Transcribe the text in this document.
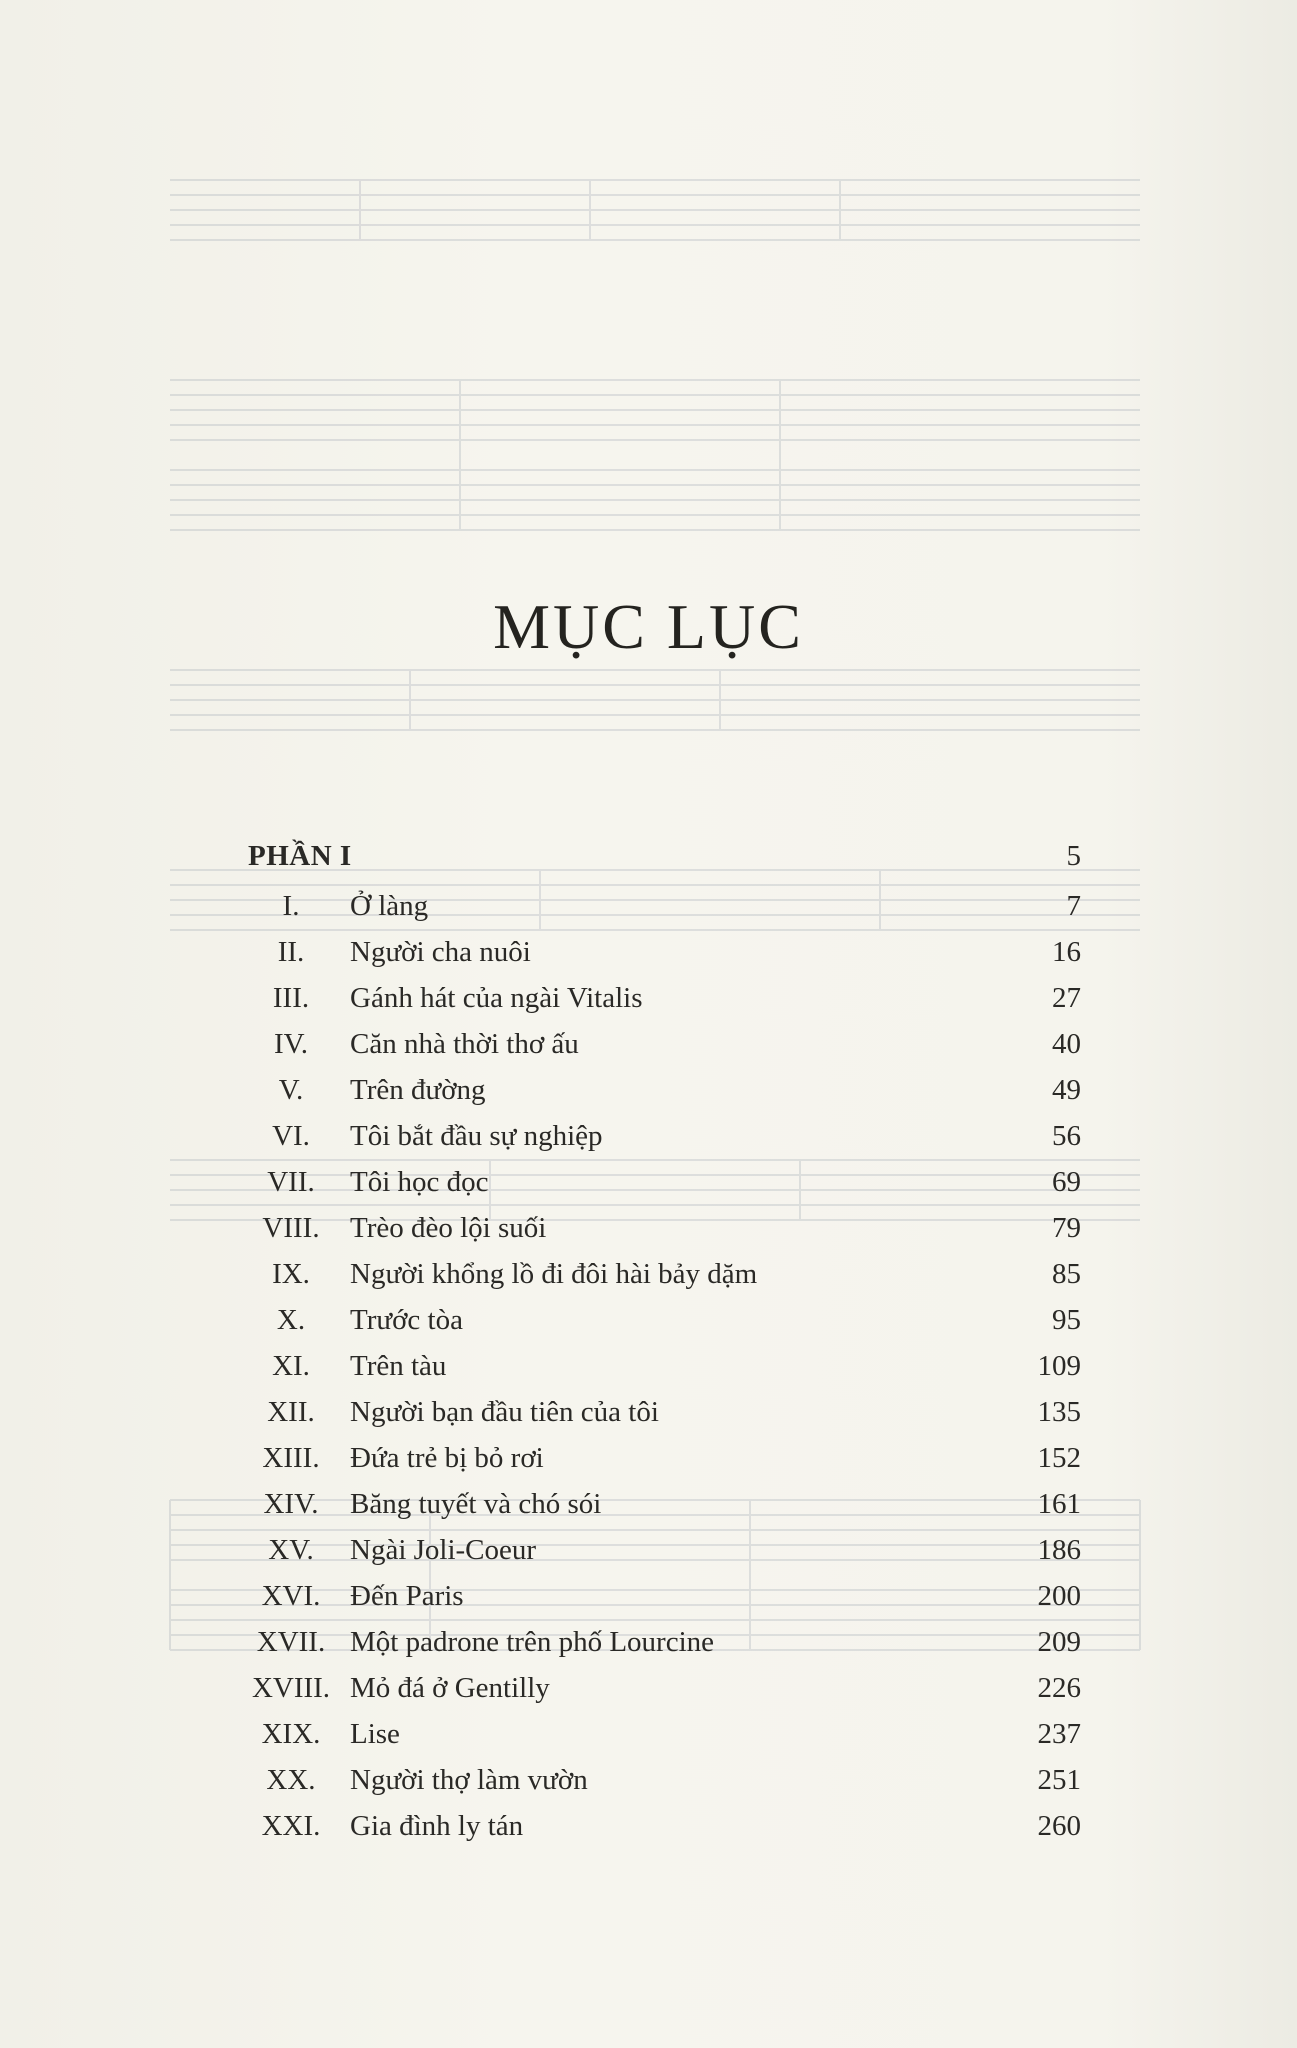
MỤC LỤC
PHẦN I	5
I.	Ở làng	7
II.	Người cha nuôi	16
III.	Gánh hát của ngài Vitalis	27
IV.	Căn nhà thời thơ ấu	40
V.	Trên đường	49
VI.	Tôi bắt đầu sự nghiệp	56
VII.	Tôi học đọc	69
VIII.	Trèo đèo lội suối	79
IX.	Người khổng lồ đi đôi hài bảy dặm	85
X.	Trước tòa	95
XI.	Trên tàu	109
XII.	Người bạn đầu tiên của tôi	135
XIII.	Đứa trẻ bị bỏ rơi	152
XIV.	Băng tuyết và chó sói	161
XV.	Ngài Joli-Coeur	186
XVI.	Đến Paris	200
XVII. Một padrone trên phố Lourcine	209
XVIII. Mỏ đá ở Gentilly	226
XIX.	Lise	237
XX.	Người thợ làm vườn	251
XXI.	Gia đình ly tán	260
